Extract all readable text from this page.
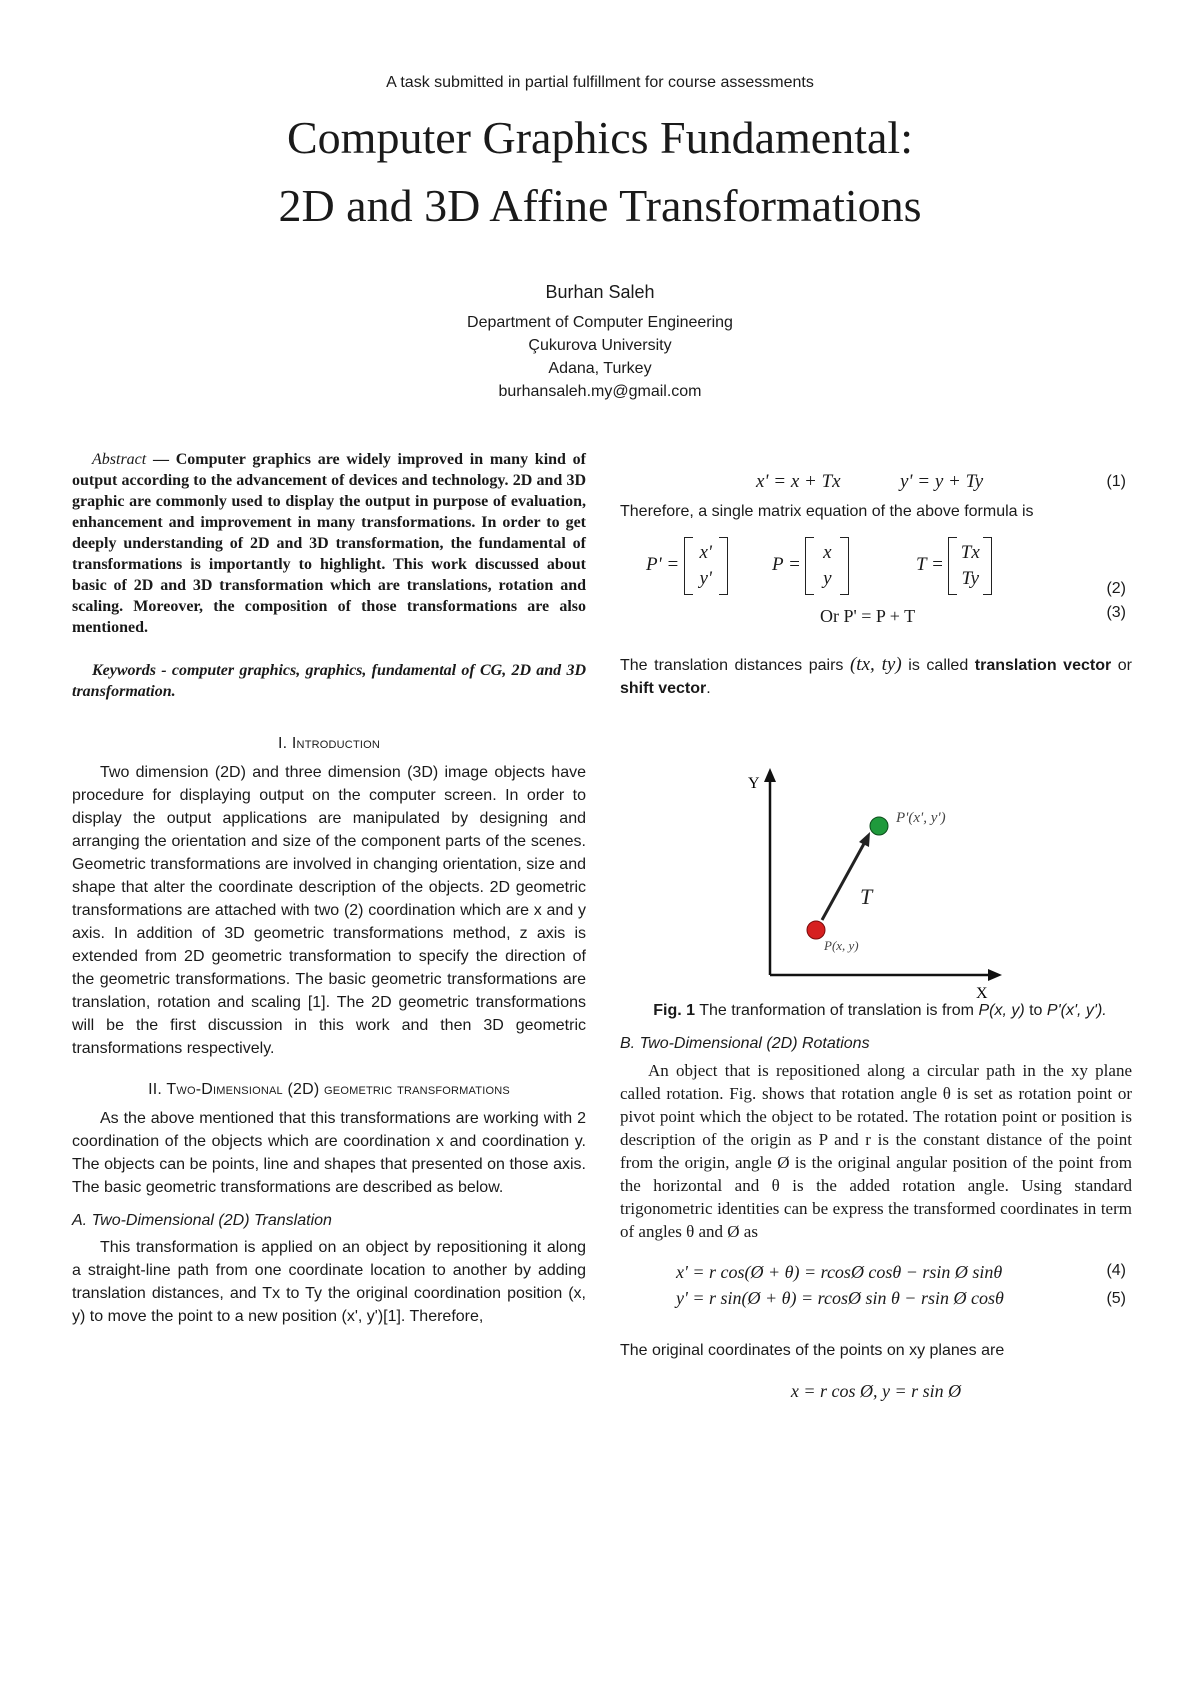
A task submitted in partial fulfillment for course assessments
Computer Graphics Fundamental:
2D and 3D Affine Transformations
Burhan Saleh
Department of Computer Engineering
Çukurova University
Adana, Turkey
burhansaleh.my@gmail.com

Abstract — Computer graphics are widely improved in many kind of output according to the advancement of devices and technology. 2D and 3D graphic are commonly used to display the output in purpose of evaluation, enhancement and improvement in many transformations. In order to get deeply understanding of 2D and 3D transformation, the fundamental of transformations is importantly to highlight. This work discussed about basic of 2D and 3D transformation which are translations, rotation and scaling. Moreover, the composition of those transformations are also mentioned.

Keywords - computer graphics, graphics, fundamental of CG, 2D and 3D transformation.

I. Introduction

Two dimension (2D) and three dimension (3D) image objects have procedure for displaying output on the computer screen. In order to display the output applications are manipulated by designing and arranging the orientation and size of the component parts of the scenes. Geometric transformations are involved in changing orientation, size and shape that alter the coordinate description of the objects. 2D geometric transformations are attached with two (2) coordination which are x and y axis. In addition of 3D geometric transformations method, z axis is extended from 2D geometric transformation to specify the direction of the geometric transformations. The basic geometric transformations are translation, rotation and scaling [1]. The 2D geometric transformations will be the first discussion in this work and then 3D geometric transformations respectively.

II. Two-Dimensional (2D) geometric transformations

As the above mentioned that this transformations are working with 2 coordination of the objects which are coordination x and coordination y. The objects can be points, line and shapes that presented on those axis. The basic geometric transformations are described as below.

A. Two-Dimensional (2D) Translation

This transformation is applied on an object by repositioning it along a straight-line path from one coordinate location to another by adding translation distances, and Tx to Ty the original coordination position (x, y) to move the point to a new position (x', y')[1]. Therefore,

x' = x + Tx	y' = y + Ty	(1)
Therefore, a single matrix equation of the above formula is
P' = x'
y'
P = x
y
T = Tx
Ty	(2)
Or P' = P + T	(3)

The translation distances pairs (tx, ty) is called translation vector or shift vector.

Y
X
P'(x', y')
P(x, y)
T
Fig. 1 The tranformation of translation is from P(x, y) to P'(x', y').
B. Two-Dimensional (2D) Rotations

An object that is repositioned along a circular path in the xy plane called rotation. Fig. shows that rotation angle θ is set as rotation point or pivot point which the object to be rotated. The rotation point or position is description of the origin as P and r is the constant distance of the point from the origin, angle Ø is the original angular position of the point from the horizontal and θ is the added rotation angle. Using standard trigonometric identities can be express the transformed coordinates in term of angles θ and Ø as

x' = r cos(Ø + θ) = rcosØ cosθ − rsin Ø sinθ	(4)
y' = r sin(Ø + θ) = rcosØ sin θ − rsin Ø cosθ	(5)

The original coordinates of the points on xy planes are

x = r cos Ø, y = r sin Ø
